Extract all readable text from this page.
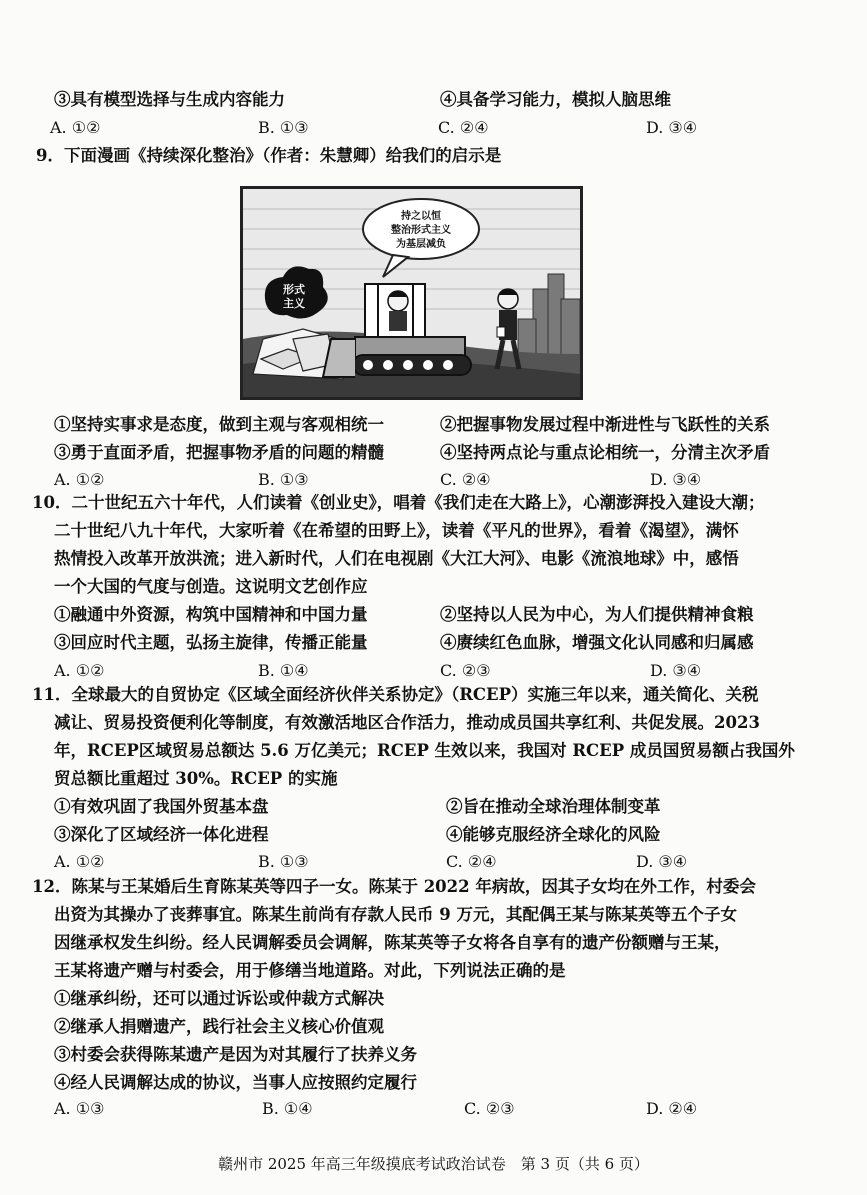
③具有模型选择与生成内容能力	④具备学习能力，模拟人脑思维
A. ①②	B. ①③	C. ②④	D. ③④
9．下面漫画《持续深化整治》（作者：朱慧卿）给我们的启示是
持之以恒
整治形式主义
为基层减负
形式
主义
①坚持实事求是态度，做到主观与客观相统一	②把握事物发展过程中渐进性与飞跃性的关系
③勇于直面矛盾，把握事物矛盾的问题的精髓	④坚持两点论与重点论相统一，分清主次矛盾
A. ①②	B. ①③	C. ②④	D. ③④
10．二十世纪五六十年代，人们读着《创业史》，唱着《我们走在大路上》，心潮澎湃投入建设大潮；
二十世纪八九十年代，大家听着《在希望的田野上》，读着《平凡的世界》，看着《渴望》，满怀
热情投入改革开放洪流；进入新时代，人们在电视剧《大江大河》、电影《流浪地球》中，感悟
一个大国的气度与创造。这说明文艺创作应
①融通中外资源，构筑中国精神和中国力量	②坚持以人民为中心，为人们提供精神食粮
③回应时代主题，弘扬主旋律，传播正能量	④赓续红色血脉，增强文化认同感和归属感
A. ①②	B. ①④	C. ②③	D. ③④
11．全球最大的自贸协定《区域全面经济伙伴关系协定》（RCEP）实施三年以来，通关简化、关税
减让、贸易投资便利化等制度，有效激活地区合作活力，推动成员国共享红利、共促发展。2023
年，RCEP区域贸易总额达 5.6 万亿美元；RCEP 生效以来，我国对 RCEP 成员国贸易额占我国外
贸总额比重超过 30%。RCEP 的实施
①有效巩固了我国外贸基本盘	②旨在推动全球治理体制变革
③深化了区域经济一体化进程	④能够克服经济全球化的风险
A. ①②	B. ①③	C. ②④	D. ③④
12．陈某与王某婚后生育陈某英等四子一女。陈某于 2022 年病故，因其子女均在外工作，村委会
出资为其操办了丧葬事宜。陈某生前尚有存款人民币 9 万元，其配偶王某与陈某英等五个子女
因继承权发生纠纷。经人民调解委员会调解，陈某英等子女将各自享有的遗产份额赠与王某，
王某将遗产赠与村委会，用于修缮当地道路。对此，下列说法正确的是
①继承纠纷，还可以通过诉讼或仲裁方式解决
②继承人捐赠遗产，践行社会主义核心价值观
③村委会获得陈某遗产是因为对其履行了扶养义务
④经人民调解达成的协议，当事人应按照约定履行
A. ①③	B. ①④	C. ②③	D. ②④
赣州市 2025 年高三年级摸底考试政治试卷　第 3 页（共 6 页）
